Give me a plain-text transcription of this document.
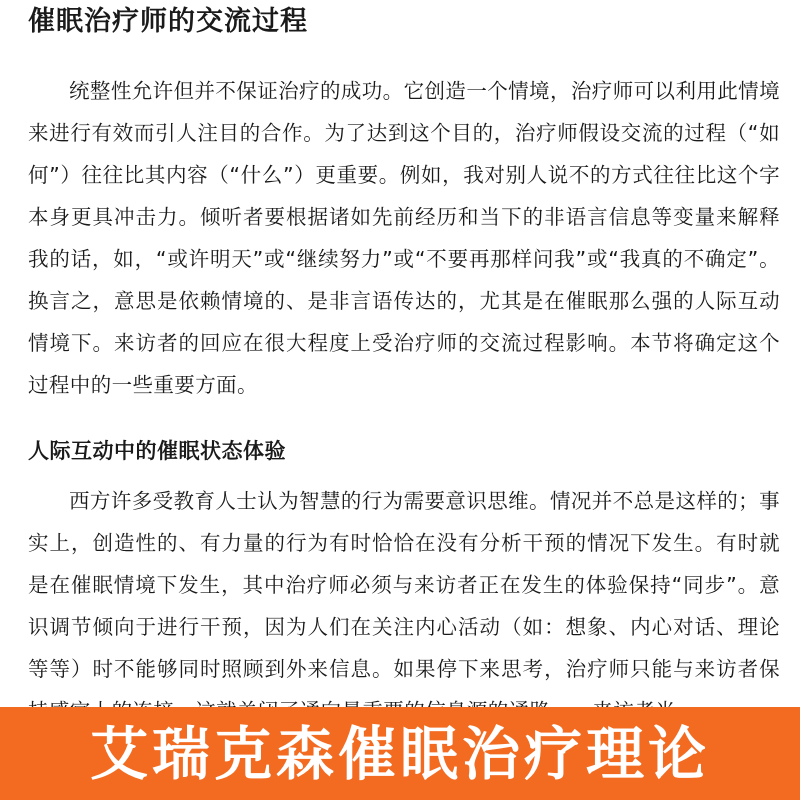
催眠治疗师的交流过程

统整性允许但并不保证治疗的成功。它创造一个情境，治疗师可以利用此情境来进行有效而引人注目的合作。为了达到这个目的，治疗师假设交流的过程（“如何”）往往比其内容（“什么”）更重要。例如，我对别人说不的方式往往比这个字本身更具冲击力。倾听者要根据诸如先前经历和当下的非语言信息等变量来解释我的话，如，“或许明天”或“继续努力”或“不要再那样问我”或“我真的不确定”。换言之，意思是依赖情境的、是非言语传达的，尤其是在催眠那么强的人际互动情境下。来访者的回应在很大程度上受治疗师的交流过程影响。本节将确定这个过程中的一些重要方面。

人际互动中的催眠状态体验

西方许多受教育人士认为智慧的行为需要意识思维。情况并不总是这样的；事实上，创造性的、有力量的行为有时恰恰在没有分析干预的情况下发生。有时就是在催眠情境下发生，其中治疗师必须与来访者正在发生的体验保持“同步”。意识调节倾向于进行干预，因为人们在关注内心活动（如：想象、内心对话、理论等等）时不能够同时照顾到外来信息。如果停下来思考，治疗师只能与来访者保

艾瑞克森催眠治疗理论
